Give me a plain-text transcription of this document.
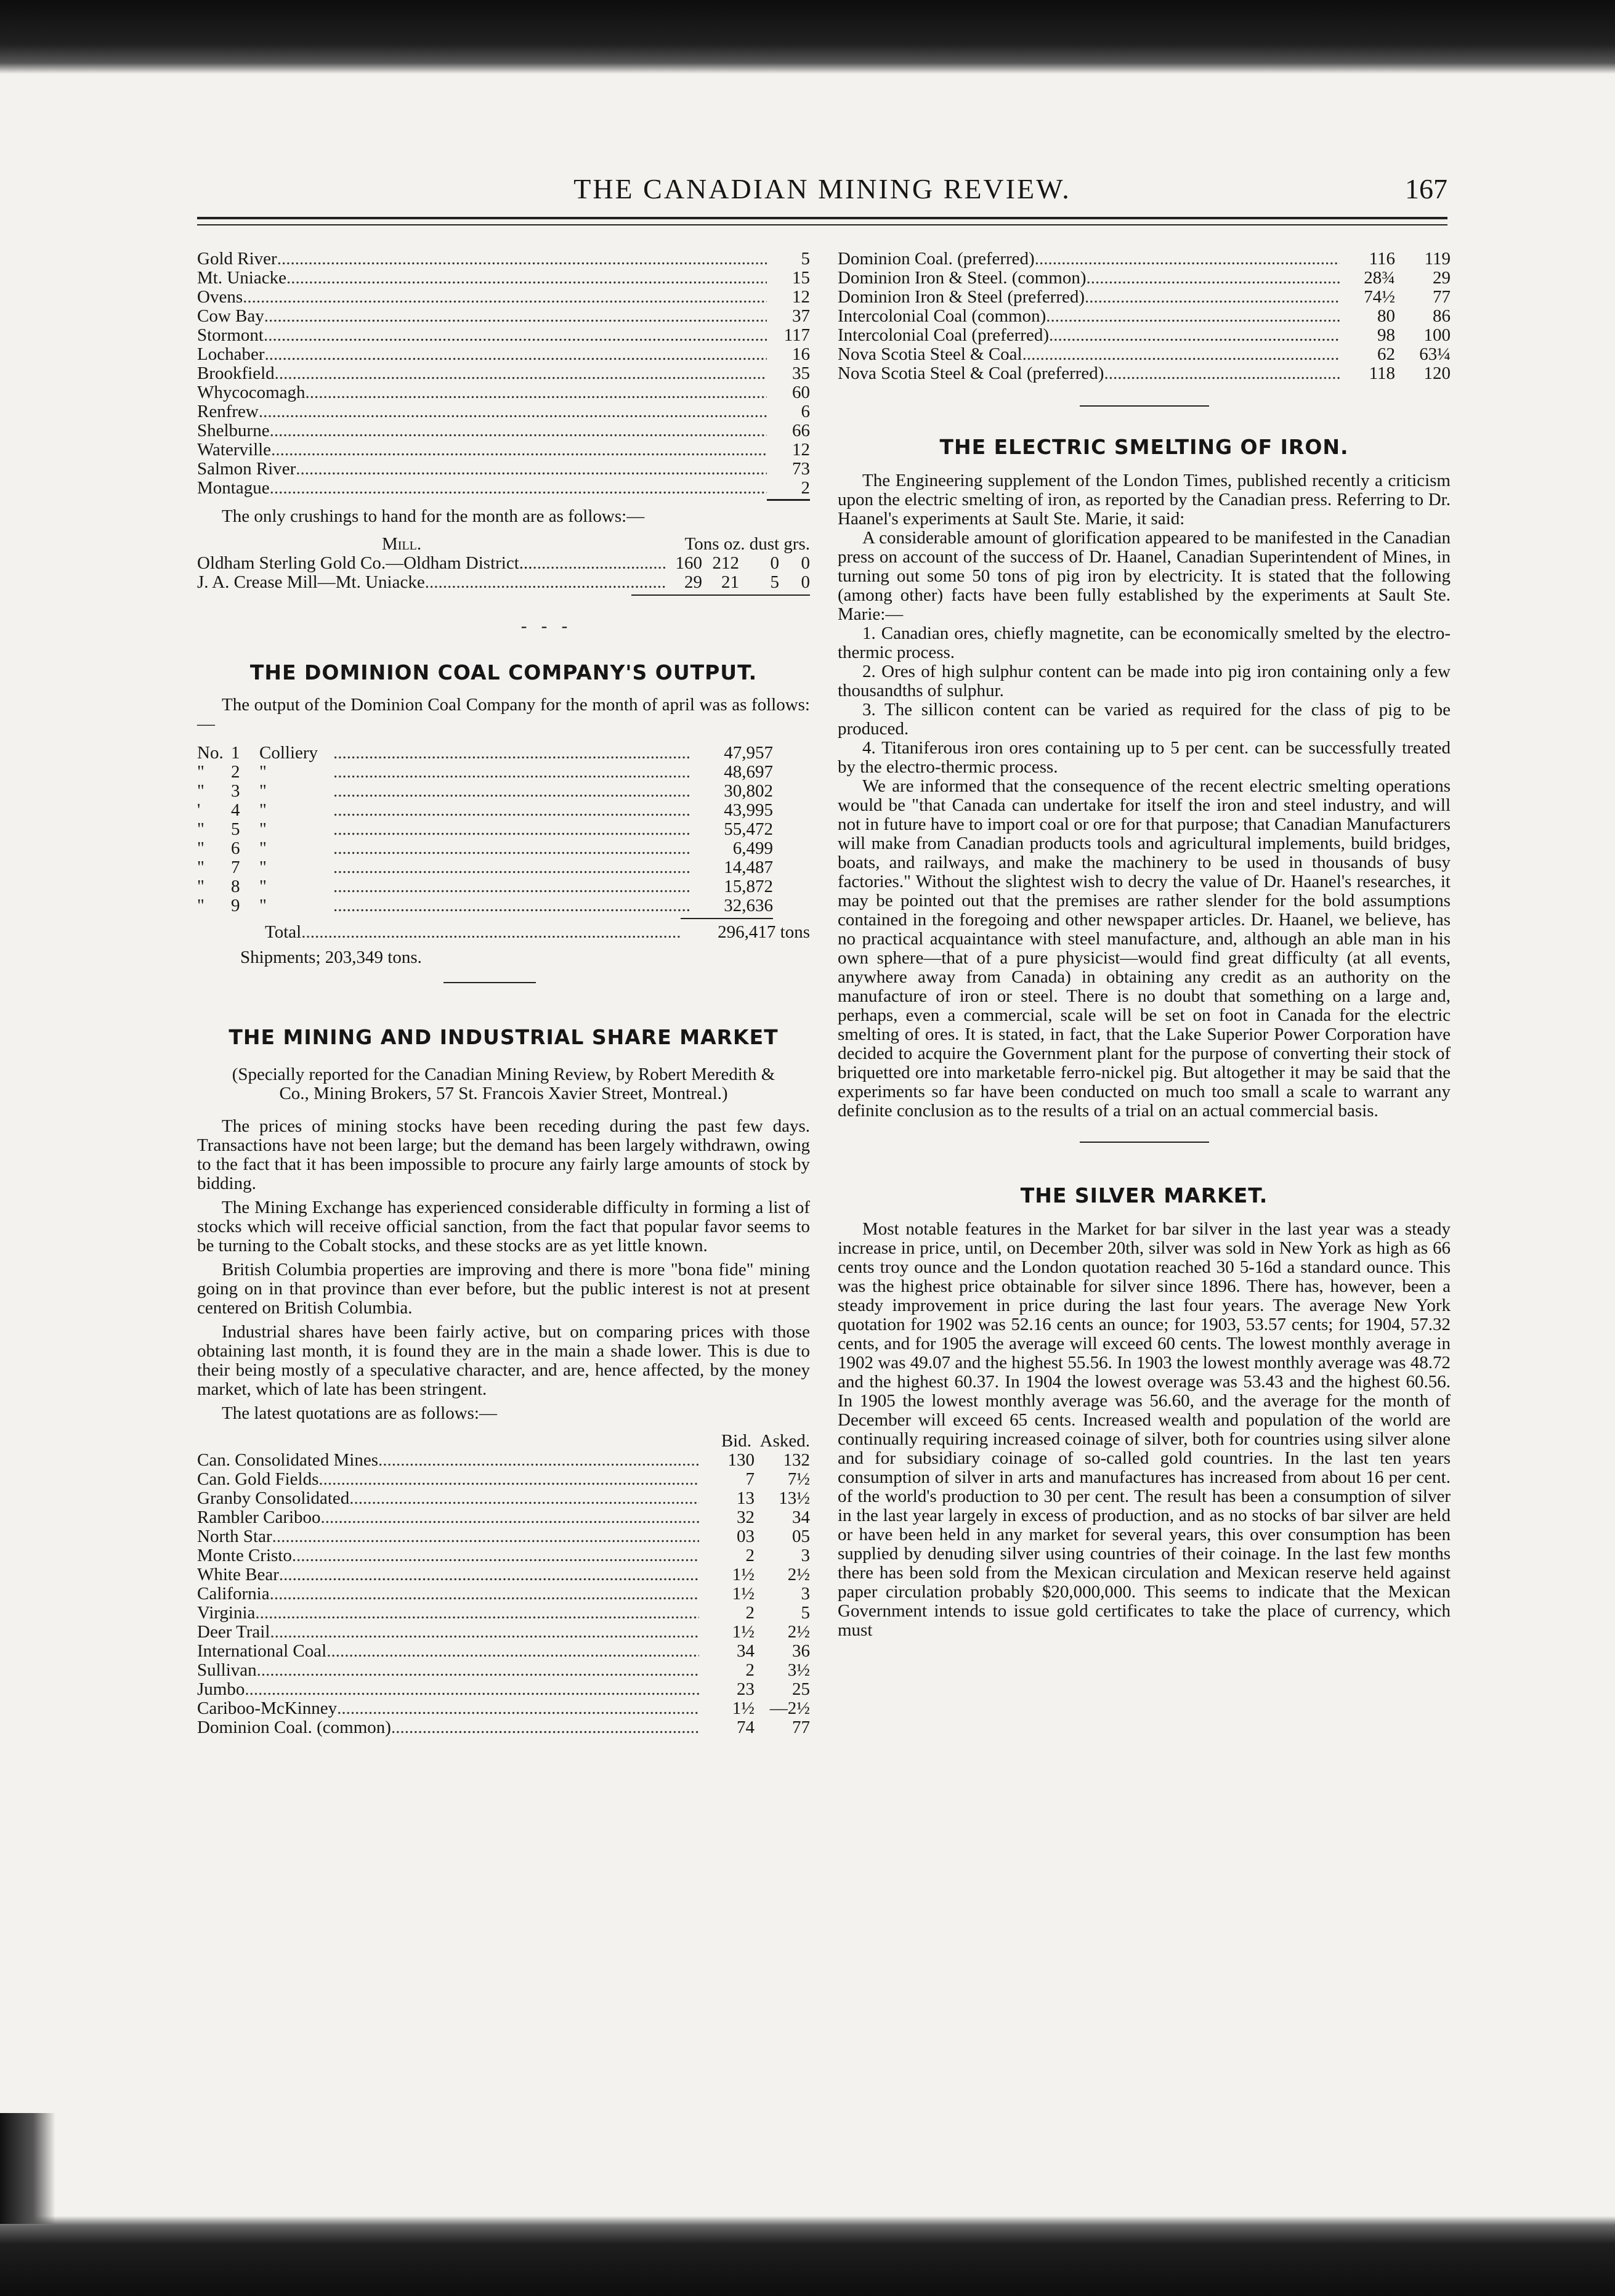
THE CANADIAN MINING REVIEW.	167
Gold River .....	5
Mt. Uniacke .....	15
Ovens .....	12
Cow Bay .....	37
Stormont .....	117
Lochaber .....	16
Brookfield .....	35
Whycocomagh .....	60
Renfrew .....	6
Shelburne .....	66
Waterville .....	12
Salmon River .....	73
Montague .....	2

The only crushings to hand for the month are as follows:—

Mill.	Tons oz. dust grs.
Oldham Sterling Gold Co.—Oldham District... .....	160 212	0	0
J. A. Crease Mill—Mt. Uniacke .....	29	21	5	0
- - -
THE DOMINION COAL COMPANY'S OUTPUT.

The output of the Dominion Coal Company for the month of april was as follows:—

No. 1	Colliery .....	47,957
"	2	" .....	48,697
"	3	" .....	30,802
'	4	" .....	43,995
"	5	" .....	55,472
"	6	" .....	6,499
"	7	" .....	14,487
"	8	" .....	15,872
"	9	" .....	32,636
Total .....	296,417 tons
Shipments; 203,349 tons.
THE MINING AND INDUSTRIAL SHARE MARKET

(Specially reported for the Canadian Mining Review, by Robert Meredith & Co., Mining Brokers, 57 St. Francois Xavier Street, Montreal.)

The prices of mining stocks have been receding during the past few days. Transactions have not been large; but the demand has been largely withdrawn, owing to the fact that it has been impossible to procure any fairly large amounts of stock by bidding.

The Mining Exchange has experienced considerable difficulty in forming a list of stocks which will receive official sanction, from the fact that popular favor seems to be turning to the Cobalt stocks, and these stocks are as yet little known.

British Columbia properties are improving and there is more "bona fide" mining going on in that province than ever before, but the public interest is not at present centered on British Columbia.

Industrial shares have been fairly active, but on comparing prices with those obtaining last month, it is found they are in the main a shade lower. This is due to their being mostly of a speculative character, and are, hence affected, by the money market, which of late has been stringent.

The latest quotations are as follows:—

Bid. Asked.
Can. Consolidated Mines .....	130	132
Can. Gold Fields .....	7	7½
Granby Consolidated .....	13	13½
Rambler Cariboo .....	32	34
North Star .....	03	05
Monte Cristo .....	2	3
White Bear .....	1½	2½
California .....	1½	3
Virginia .....	2	5
Deer Trail .....	1½	2½
International Coal .....	34	36
Sullivan .....	2	3½
Jumbo .....	23	25
Cariboo-McKinney .....	1½ —2½
Dominion Coal. (common) .....	74	77
Dominion Coal. (preferred) .....	116	119
Dominion Iron & Steel. (common) .....	28¾	29
Dominion Iron & Steel (preferred) .....	74½	77
Intercolonial Coal (common) .....	80	86
Intercolonial Coal (preferred) .....	98	100
Nova Scotia Steel & Coal .....	62	63¼
Nova Scotia Steel & Coal (preferred) .....	118	120
THE ELECTRIC SMELTING OF IRON.

The Engineering supplement of the London Times, published recently a criticism upon the electric smelting of iron, as reported by the Canadian press. Referring to Dr. Haanel's experiments at Sault Ste. Marie, it said:

A considerable amount of glorification appeared to be manifested in the Canadian press on account of the success of Dr. Haanel, Canadian Superintendent of Mines, in turning out some 50 tons of pig iron by electricity. It is stated that the following (among other) facts have been fully established by the experiments at Sault Ste. Marie:—

1. Canadian ores, chiefly magnetite, can be economically smelted by the electro-thermic process.

2. Ores of high sulphur content can be made into pig iron containing only a few thousandths of sulphur.

3. The sillicon content can be varied as required for the class of pig to be produced.

4. Titaniferous iron ores containing up to 5 per cent. can be successfully treated by the electro-thermic process.

We are informed that the consequence of the recent electric smelting operations would be "that Canada can undertake for itself the iron and steel industry, and will not in future have to import coal or ore for that purpose; that Canadian Manufacturers will make from Canadian products tools and agricultural implements, build bridges, boats, and railways, and make the machinery to be used in thousands of busy factories." Without the slightest wish to decry the value of Dr. Haanel's researches, it may be pointed out that the premises are rather slender for the bold assumptions contained in the foregoing and other newspaper articles. Dr. Haanel, we believe, has no practical acquaintance with steel manufacture, and, although an able man in his own sphere—that of a pure physicist—would find great difficulty (at all events, anywhere away from Canada) in obtaining any credit as an authority on the manufacture of iron or steel. There is no doubt that something on a large and, perhaps, even a commercial, scale will be set on foot in Canada for the electric smelting of ores. It is stated, in fact, that the Lake Superior Power Corporation have decided to acquire the Government plant for the purpose of converting their stock of briquetted ore into marketable ferro-nickel pig. But altogether it may be said that the experiments so far have been conducted on much too small a scale to warrant any definite conclusion as to the results of a trial on an actual commercial basis.

THE SILVER MARKET.

Most notable features in the Market for bar silver in the last year was a steady increase in price, until, on December 20th, silver was sold in New York as high as 66 cents troy ounce and the London quotation reached 30 5-16d a standard ounce. This was the highest price obtainable for silver since 1896. There has, however, been a steady improvement in price during the last four years. The average New York quotation for 1902 was 52.16 cents an ounce; for 1903, 53.57 cents; for 1904, 57.32 cents, and for 1905 the average will exceed 60 cents. The lowest monthly average in 1902 was 49.07 and the highest 55.56. In 1903 the lowest monthly average was 48.72 and the highest 60.37. In 1904 the lowest overage was 53.43 and the highest 60.56. In 1905 the lowest monthly average was 56.60, and the average for the month of December will exceed 65 cents. Increased wealth and population of the world are continually requiring increased coinage of silver, both for countries using silver alone and for subsidiary coinage of so-called gold countries. In the last ten years consumption of silver in arts and manufactures has increased from about 16 per cent. of the world's production to 30 per cent. The result has been a consumption of silver in the last year largely in excess of production, and as no stocks of bar silver are held or have been held in any market for several years, this over consumption has been supplied by denuding silver using countries of their coinage. In the last few months there has been sold from the Mexican circulation and Mexican reserve held against paper circulation probably $20,000,000. This seems to indicate that the Mexican Government intends to issue gold certificates to take the place of currency, which must
